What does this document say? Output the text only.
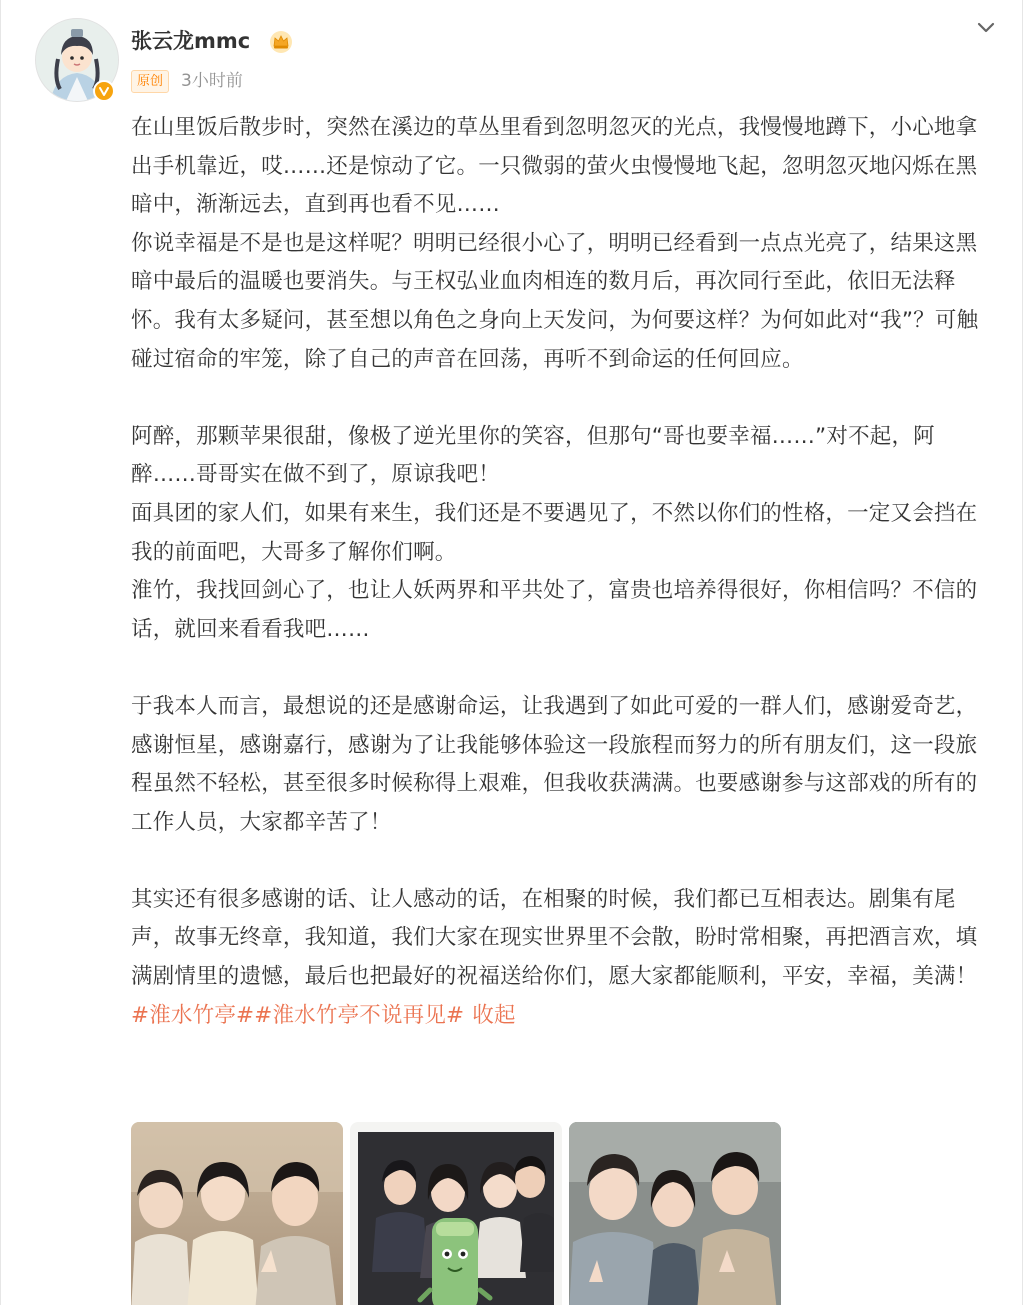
张云龙mmc
原创	3小时前

在山里饭后散步时，突然在溪边的草丛里看到忽明忽灭的光点，我慢慢地蹲下，小心地拿出手机靠近，哎……还是惊动了它。一只微弱的萤火虫慢慢地飞起，忽明忽灭地闪烁在黑暗中，渐渐远去，直到再也看不见……

你说幸福是不是也是这样呢？明明已经很小心了，明明已经看到一点点光亮了，结果这黑暗中最后的温暖也要消失。与王权弘业血肉相连的数月后，再次同行至此，依旧无法释怀。我有太多疑问，甚至想以角色之身向上天发问，为何要这样？为何如此对“我”？可触碰过宿命的牢笼，除了自己的声音在回荡，再听不到命运的任何回应。

阿醉，那颗苹果很甜，像极了逆光里你的笑容，但那句“哥也要幸福……”对不起，阿醉……哥哥实在做不到了，原谅我吧！

面具团的家人们，如果有来生，我们还是不要遇见了，不然以你们的性格，一定又会挡在我的前面吧，大哥多了解你们啊。

淮竹，我找回剑心了，也让人妖两界和平共处了，富贵也培养得很好，你相信吗？不信的话，就回来看看我吧……

于我本人而言，最想说的还是感谢命运，让我遇到了如此可爱的一群人们，感谢爱奇艺，感谢恒星，感谢嘉行，感谢为了让我能够体验这一段旅程而努力的所有朋友们，这一段旅程虽然不轻松，甚至很多时候称得上艰难，但我收获满满。也要感谢参与这部戏的所有的工作人员，大家都辛苦了！

其实还有很多感谢的话、让人感动的话，在相聚的时候，我们都已互相表达。剧集有尾声，故事无终章，我知道，我们大家在现实世界里不会散，盼时常相聚，再把酒言欢，填满剧情里的遗憾，最后也把最好的祝福送给你们，愿大家都能顺利，平安，幸福，美满！

#淮水竹亭##淮水竹亭不说再见# 收起
